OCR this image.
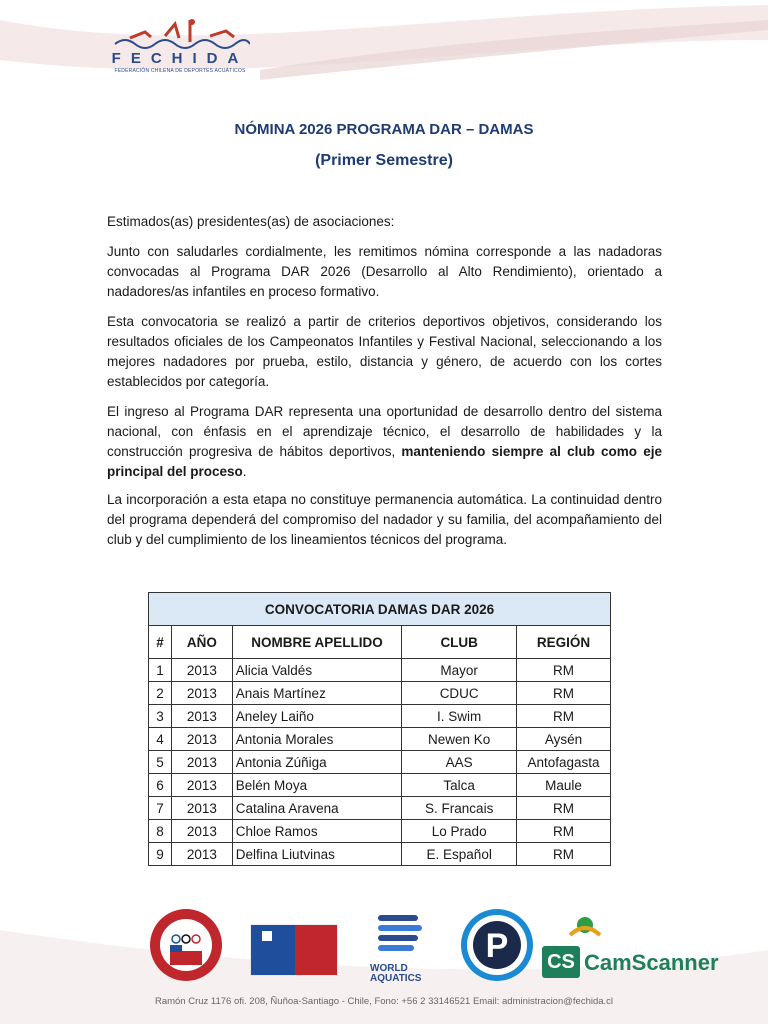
FECHIDA
FEDERACIÓN CHILENA DE DEPORTES ACUÁTICOS
NÓMINA 2026 PROGRAMA DAR – DAMAS
(Primer Semestre)
Estimados(as) presidentes(as) de asociaciones:
Junto con saludarles cordialmente, les remitimos nómina corresponde a las nadadoras convocadas al Programa DAR 2026 (Desarrollo al Alto Rendimiento), orientado a nadadores/as infantiles en proceso formativo.
Esta convocatoria se realizó a partir de criterios deportivos objetivos, considerando los resultados oficiales de los Campeonatos Infantiles y Festival Nacional, seleccionando a los mejores nadadores por prueba, estilo, distancia y género, de acuerdo con los cortes establecidos por categoría.
El ingreso al Programa DAR representa una oportunidad de desarrollo dentro del sistema nacional, con énfasis en el aprendizaje técnico, el desarrollo de habilidades y la construcción progresiva de hábitos deportivos, manteniendo siempre al club como eje principal del proceso.
La incorporación a esta etapa no constituye permanencia automática. La continuidad dentro del programa dependerá del compromiso del nadador y su familia, del acompañamiento del club y del cumplimiento de los lineamientos técnicos del programa.
CONVOCATORIA DAMAS DAR 2026				
#	AÑO	NOMBRE APELLIDO	CLUB	REGIÓN
1	2013	Alicia Valdés	Mayor	RM
2	2013	Anais Martínez	CDUC	RM
3	2013	Aneley Laiño	I. Swim	RM
4	2013	Antonia Morales	Newen Ko	Aysén
5	2013	Antonia Zúñiga	AAS	Antofagasta
6	2013	Belén Moya	Talca	Maule
7	2013	Catalina Aravena	S. Francais	RM
8	2013	Chloe Ramos	Lo Prado	RM
9	2013	Delfina Liutvinas	E. Español	RM
P
WORLD
AQUATICS
CS CamScanner
Ramón Cruz 1176 ofi. 208, Ñuñoa-Santiago - Chile, Fono: +56 2 33146521 Email: administracion@fechida.cl
